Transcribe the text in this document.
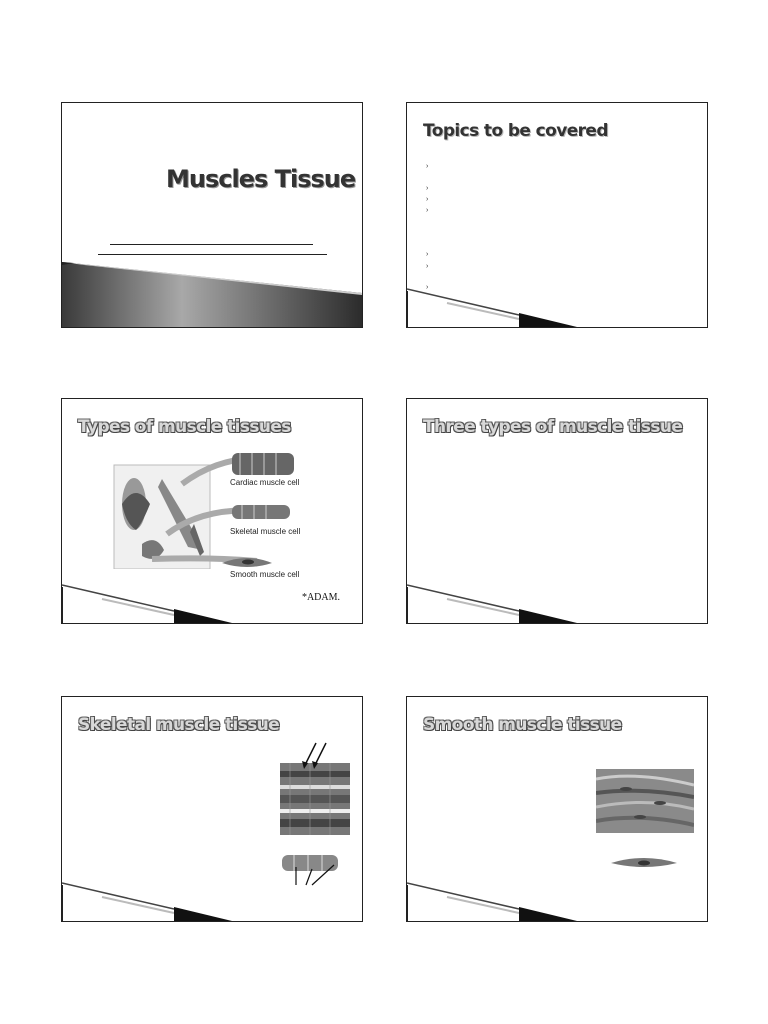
Muscles Tissue
Topics to be covered
›
›
›
›
›
›
›
Types of muscle tissues
Cardiac muscle cell
Skeletal muscle cell
Smooth muscle cell
*ADAM.
Three types of muscle tissue
Skeletal muscle tissue	Smooth muscle tissue
